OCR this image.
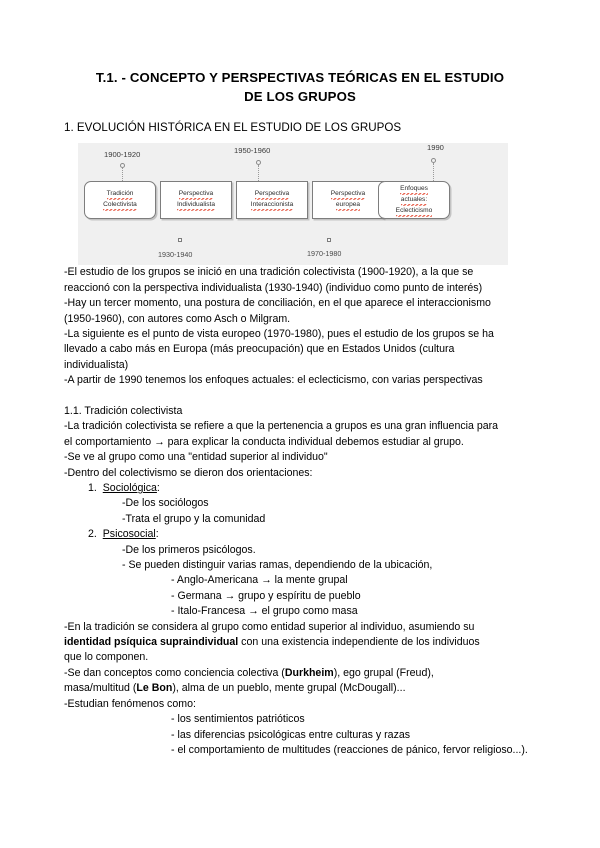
T.1. - CONCEPTO Y PERSPECTIVAS TEÓRICAS EN EL ESTUDIO DE LOS GRUPOS
1. EVOLUCIÓN HISTÓRICA EN EL ESTUDIO DE LOS GRUPOS
1900-1920	1950-1960	1990
Tradición
Colectivista
Perspectiva
Individualista
Perspectiva
Interaccionista
Perspectiva
europea
Enfoques
actuales:
Eclecticismo
1930-1940	1970-1980

-El estudio de los grupos se inició en una tradición colectivista (1900-1920), a la que se

reaccionó con la perspectiva individualista (1930-1940) (individuo como punto de interés)

-Hay un tercer momento, una postura de conciliación, en el que aparece el interaccionismo

(1950-1960), con autores como Asch o Milgram.

-La siguiente es el punto de vista europeo (1970-1980), pues el estudio de los grupos se ha

llevado a cabo más en Europa (más preocupación) que en Estados Unidos (cultura

individualista)

-A partir de 1990 tenemos los enfoques actuales: el eclecticismo, con varias perspectivas

1.1. Tradición colectivista

-La tradición colectivista se refiere a que la pertenencia a grupos es una gran influencia para

el comportamiento → para explicar la conducta individual debemos estudiar al grupo.

-Se ve al grupo como una "entidad superior al individuo"

-Dentro del colectivismo se dieron dos orientaciones:

1. Sociológica:

-De los sociólogos

-Trata el grupo y la comunidad

2. Psicosocial:

-De los primeros psicólogos.

- Se pueden distinguir varias ramas, dependiendo de la ubicación,

- Anglo-Americana → la mente grupal

- Germana → grupo y espíritu de pueblo

- Italo-Francesa → el grupo como masa

-En la tradición se considera al grupo como entidad superior al individuo, asumiendo su

identidad psíquica supraindividual con una existencia independiente de los individuos

que lo componen.

-Se dan conceptos como conciencia colectiva (Durkheim), ego grupal (Freud),

masa/multitud (Le Bon), alma de un pueblo, mente grupal (McDougall)...

-Estudian fenómenos como:

- los sentimientos patrióticos

- las diferencias psicológicas entre culturas y razas

- el comportamiento de multitudes (reacciones de pánico, fervor religioso...).
